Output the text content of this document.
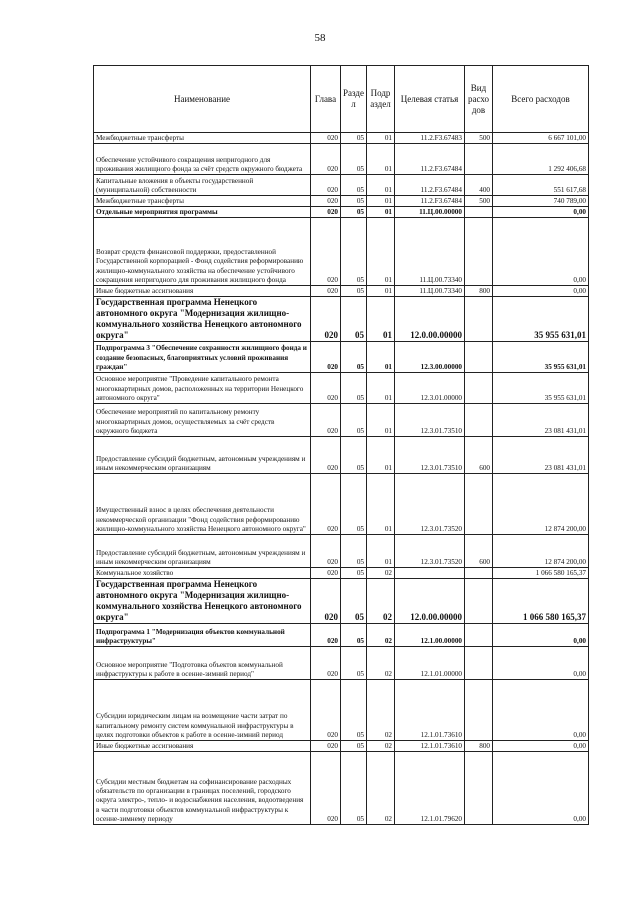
58
Наименование	Глава	Разде л	Подр аздел	Целевая статья	Вид расхо дов	Всего расходов
Межбюджетные трансферты	020	05	01	11.2.F3.67483	500	6 667 101,00
Обеспечение устойчивого сокращения непригодного для проживания жилищного фонда за счёт средств окружного бюджета	020	05	01	11.2.F3.67484		1 292 406,68
Капитальные вложения в объекты государственной (муниципальной) собственности	020	05	01	11.2.F3.67484	400	551 617,68
Межбюджетные трансферты	020	05	01	11.2.F3.67484	500	740 789,00
Отдельные мероприятия программы	020	05	01	11.Ц.00.00000		0,00
Возврат средств финансовой поддержки, предоставленной Государственной корпорацией - Фонд содействия реформированию жилищно-коммунального хозяйства на обеспечение устойчивого сокращения непригодного для проживания жилищного фонда	020	05	01	11.Ц.00.73340		0,00
Иные бюджетные ассигнования	020	05	01	11.Ц.00.73340	800	0,00
Государственная программа Ненецкого автономного округа "Модернизация жилищно-коммунального хозяйства Ненецкого автономного округа"	020	05	01	12.0.00.00000		35 955 631,01
Подпрограмма 3 "Обеспечение сохранности жилищного фонда и создание безопасных, благоприятных условий проживания граждан"	020	05	01	12.3.00.00000		35 955 631,01
Основное мероприятие "Проведение капитального ремонта многоквартирных домов, расположенных на территории Ненецкого автономного округа"	020	05	01	12.3.01.00000		35 955 631,01
Обеспечение мероприятий по капитальному ремонту многоквартирных домов, осуществляемых за счёт средств окружного бюджета	020	05	01	12.3.01.73510		23 081 431,01
Предоставление субсидий бюджетным, автономным учреждениям и иным некоммерческим организациям	020	05	01	12.3.01.73510	600	23 081 431,01
Имущественный взнос в целях обеспечения деятельности некоммерческой организации "Фонд содействия реформированию жилищно-коммунального хозяйства Ненецкого автономного округа"	020	05	01	12.3.01.73520		12 874 200,00
Предоставление субсидий бюджетным, автономным учреждениям и иным некоммерческим организациям	020	05	01	12.3.01.73520	600	12 874 200,00
Коммунальное хозяйство	020	05	02			1 066 580 165,37
Государственная программа Ненецкого автономного округа "Модернизация жилищно-коммунального хозяйства Ненецкого автономного округа"	020	05	02	12.0.00.00000		1 066 580 165,37
Подпрограмма 1 "Модернизация объектов коммунальной инфраструктуры"	020	05	02	12.1.00.00000		0,00
Основное мероприятие "Подготовка объектов коммунальной инфраструктуры к работе в осенне-зимний период"	020	05	02	12.1.01.00000		0,00
Субсидии юридическим лицам на возмещение части затрат по капитальному ремонту систем коммунальной инфраструктуры в целях подготовки объектов к работе в осенне-зимний период	020	05	02	12.1.01.73610		0,00
Иные бюджетные ассигнования	020	05	02	12.1.01.73610	800	0,00
Субсидии местным бюджетам на софинансирование расходных обязательств по организации в границах поселений, городского округа электро-, тепло- и водоснабжения населения, водоотведения в части подготовки объектов коммунальной инфраструктуры к осенне-зимнему периоду	020	05	02	12.1.01.79620		0,00
